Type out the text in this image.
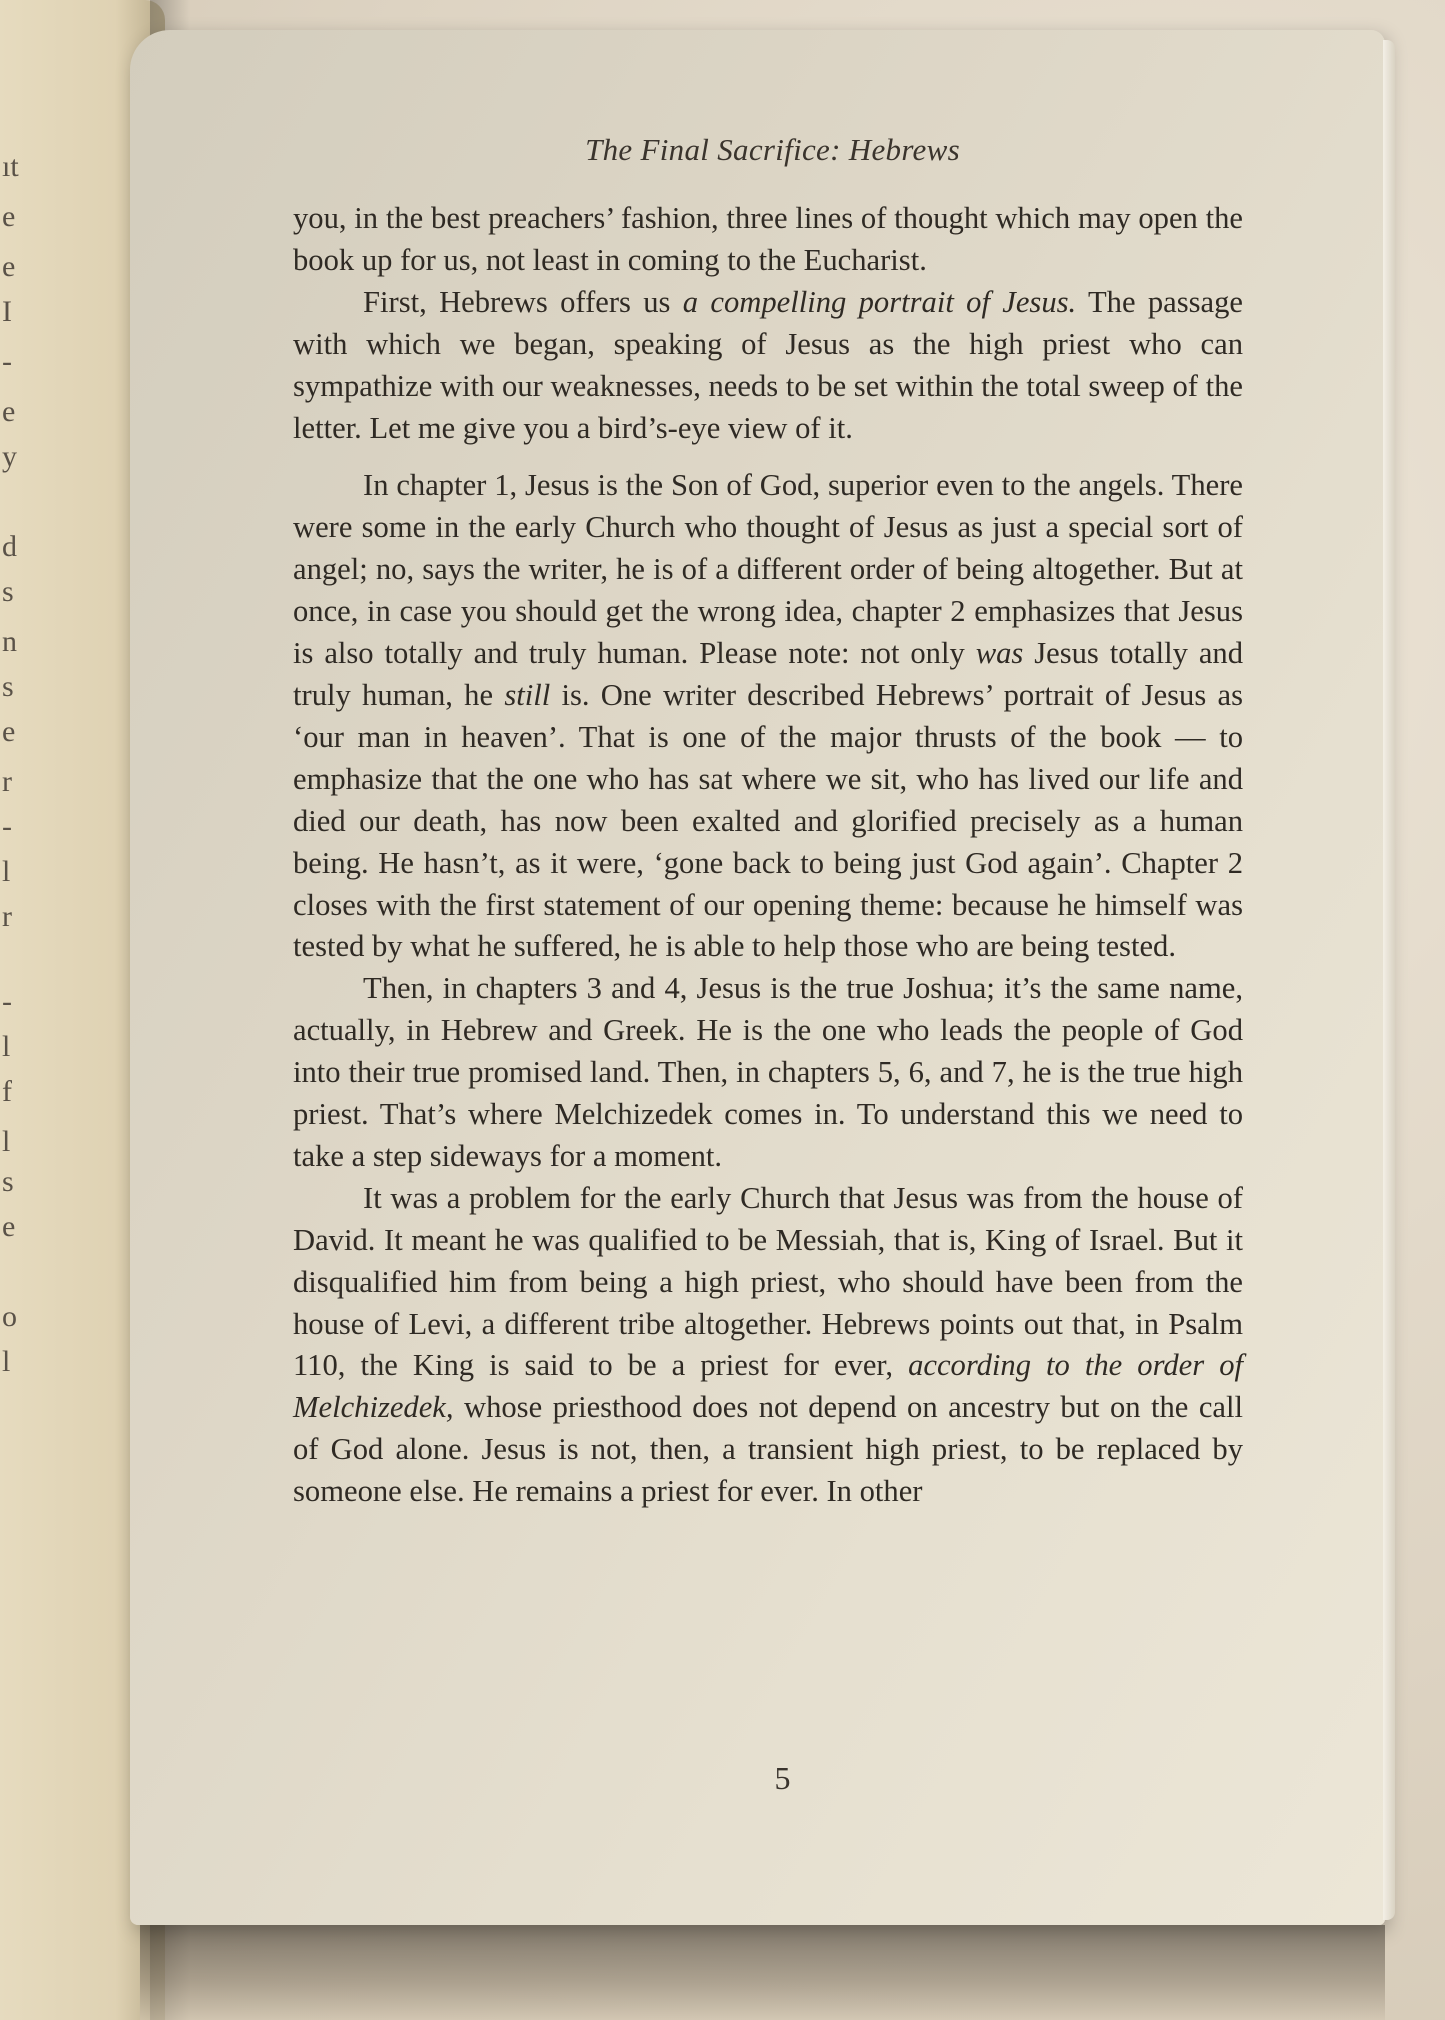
ıt
e
e
I
-
e
y
d
s
n
s
e
r
-
l
r
-
l
f
l
s
e
o
l
The Final Sacrifice: Hebrews

you, in the best preachers’ fashion, three lines of thought which may open the book up for us, not least in coming to the Eucharist.

First, Hebrews offers us a compelling portrait of Jesus. The passage with which we began, speaking of Jesus as the high priest who can sympathize with our weaknesses, needs to be set within the total sweep of the letter. Let me give you a bird’s-eye view of it.

In chapter 1, Jesus is the Son of God, superior even to the angels. There were some in the early Church who thought of Jesus as just a special sort of angel; no, says the writer, he is of a different order of being altogether. But at once, in case you should get the wrong idea, chapter 2 emphasizes that Jesus is also totally and truly human. Please note: not only was Jesus totally and truly human, he still is. One writer described Hebrews’ portrait of Jesus as ‘our man in heaven’. That is one of the major thrusts of the book — to emphasize that the one who has sat where we sit, who has lived our life and died our death, has now been exalted and glorified precisely as a human being. He hasn’t, as it were, ‘gone back to being just God again’. Chapter 2 closes with the first statement of our opening theme: because he himself was tested by what he suffered, he is able to help those who are being tested.

Then, in chapters 3 and 4, Jesus is the true Joshua; it’s the same name, actually, in Hebrew and Greek. He is the one who leads the people of God into their true promised land. Then, in chapters 5, 6, and 7, he is the true high priest. That’s where Melchizedek comes in. To understand this we need to take a step sideways for a moment.

It was a problem for the early Church that Jesus was from the house of David. It meant he was qualified to be Messiah, that is, King of Israel. But it disqualified him from being a high priest, who should have been from the house of Levi, a different tribe altogether. Hebrews points out that, in Psalm 110, the King is said to be a priest for ever, according to the order of Melchizedek, whose priesthood does not depend on ancestry but on the call of God alone. Jesus is not, then, a transient high priest, to be replaced by someone else. He remains a priest for ever. In other

5
